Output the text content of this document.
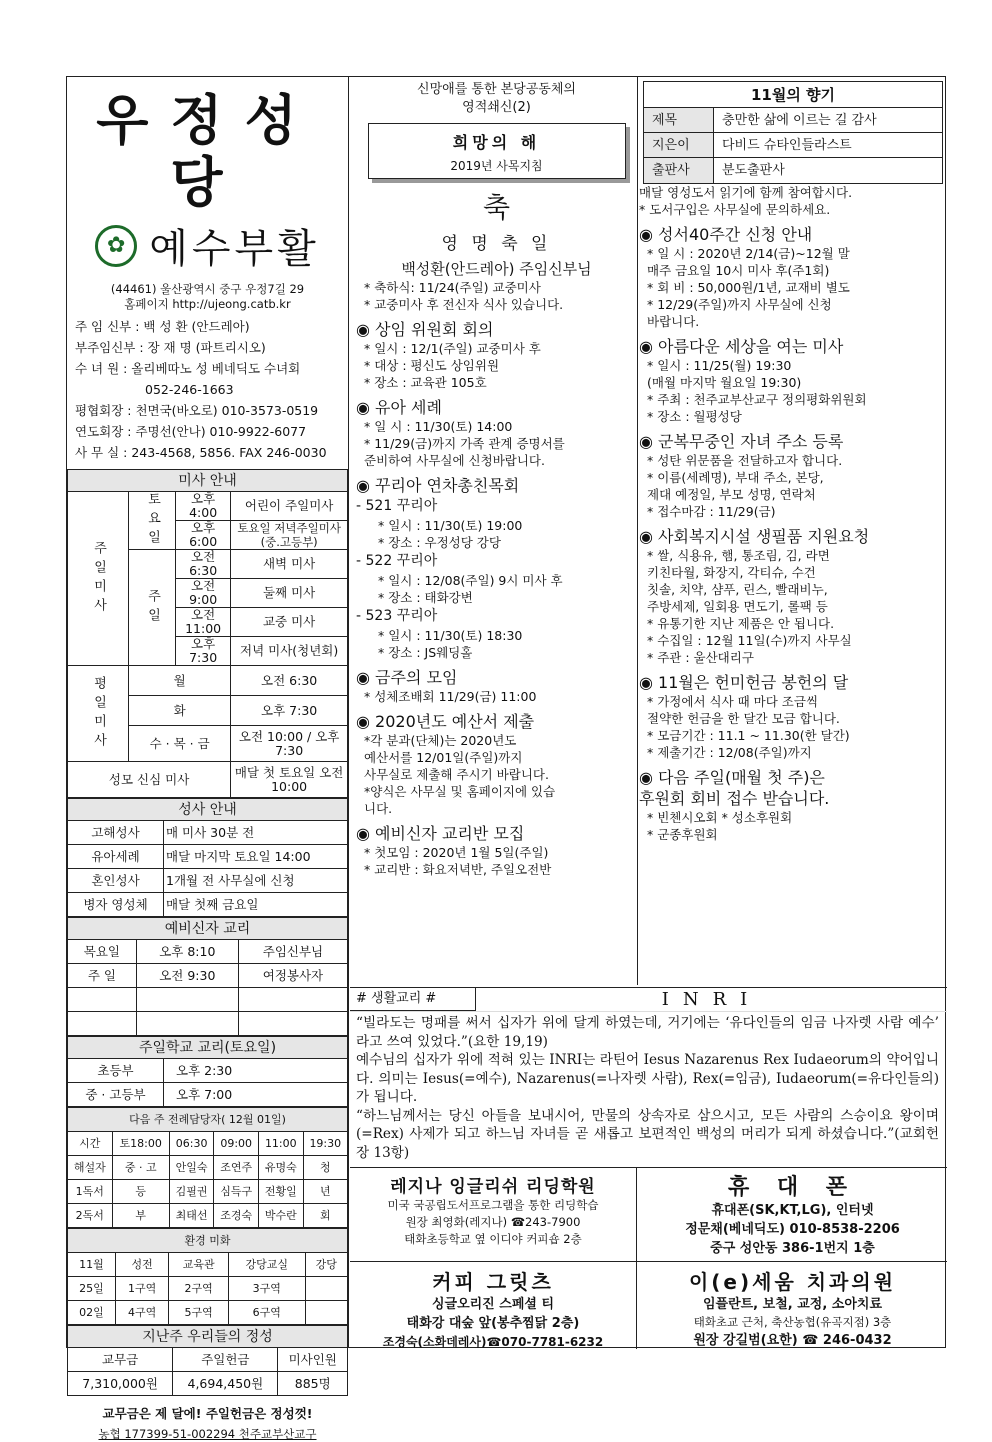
우정성당
✿ 예수부활
(44461) 울산광역시 중구 우정7길 29
홈페이지 http://ujeong.catb.kr
주 임 신부 : 백 성 환 (안드레아)
부주임신부 : 장 재 명 (파트리시오)
수 녀 원 : 올리베따노 성 베네딕도 수녀회
052-246-1663
평협회장 : 천면국(바오로) 010-3573-0519
연도회장 : 주명선(안나) 010-9922-6077
사 무 실 : 243-4568, 5856. FAX 246-0030
미사 안내			
주일미사	토요일	오후 4:00	어린이 주일미사
		오후 6:00	토요일 저녁주일미사 (중.고등부)
	주일	오전 6:30	새벽 미사
		오전 9:00	둘째 미사
		오전11:00	교중 미사
		오후 7:30	저녁 미사(청년회)
평일미사	월		오전 6:30
	화		오후 7:30
	수 · 목 · 금		오전 10:00 / 오후 7:30
성모 신심 미사			매달 첫 토요일 오전 10:00
성사 안내	
고해성사	매 미사 30분 전
유아세례	매달 마지막 토요일 14:00
혼인성사	1개월 전 사무실에 신청
병자 영성체	매달 첫째 금요일
예비신자 교리		
목요일	오후 8:10	주임신부님
주 일	오전 9:30	여정봉사자

주일학교 교리(토요일)	
초등부	오후 2:30
중 · 고등부	오후 7:00
다음 주 전례담당자( 12월 01일)					
시간	토18:00	06:30	09:00	11:00	19:30
해설자	중 · 고	안일숙	조연주	유명숙	청
1독서	등	김필권	심득구	전황일	년
2독서	부	최태선	조경숙	박수란	회
환경 미화				
11월	성전	교육관	강당교실	강당
25일	1구역	2구역	3구역	
02일	4구역	5구역	6구역	
지난주 우리들의 정성		
교무금	주일헌금	미사인원
7,310,000원	4,694,450원	885명
교무금은 제 달에! 주일헌금은 정성껏!
농협 177399-51-002294 천주교부산교구
신망애를 통한 본당공동체의
영적쇄신(2)
희망의 해
2019년 사목지침
축
영 명 축 일
백성환(안드레아) 주임신부님
* 축하식: 11/24(주일) 교중미사
* 교중미사 후 전신자 식사 있습니다.
◉ 상임 위원회 회의
* 일시 : 12/1(주일) 교중미사 후
* 대상 : 평신도 상임위원
* 장소 : 교육관 105호
◉ 유아 세례
* 일 시 : 11/30(토) 14:00
* 11/29(금)까지 가족 관계 증명서를
준비하여 사무실에 신청바랍니다.
◉ 꾸리아 연차총친목회
- 521 꾸리아
* 일시 : 11/30(토) 19:00
* 장소 : 우정성당 강당
- 522 꾸리아
* 일시 : 12/08(주일) 9시 미사 후
* 장소 : 태화강변
- 523 꾸리아
* 일시 : 11/30(토) 18:30
* 장소 : JS웨딩홀
◉ 금주의 모임
* 성체조배회 11/29(금) 11:00
◉ 2020년도 예산서 제출
*각 분과(단체)는 2020년도
예산서를 12/01일(주일)까지
사무실로 제출해 주시기 바랍니다.
*양식은 사무실 및 홈페이지에 있습
니다.
◉ 예비신자 교리반 모집
* 첫모임 : 2020년 1월 5일(주일)
* 교리반 : 화요저녁반, 주일오전반
11월의 향기
제목	충만한 삶에 이르는 길 감사
지은이	다비드 슈타인들라스트
출판사	분도출판사
매달 영성도서 읽기에 함께 참여합시다.
* 도서구입은 사무실에 문의하세요.
◉ 성서40주간 신청 안내
* 일 시 : 2020년 2/14(금)~12월 말
매주 금요일 10시 미사 후(주1회)
* 회 비 : 50,000원/1년, 교재비 별도
* 12/29(주일)까지 사무실에 신청
바랍니다.
◉ 아름다운 세상을 여는 미사
* 일시 : 11/25(월) 19:30
(매월 마지막 월요일 19:30)
* 주최 : 천주교부산교구 정의평화위원회
* 장소 : 월평성당
◉ 군복무중인 자녀 주소 등록
* 성탄 위문품을 전달하고자 합니다.
* 이름(세례명), 부대 주소, 본당,
제대 예정일, 부모 성명, 연락처
* 접수마감 : 11/29(금)
◉ 사회복지시설 생필품 지원요청
* 쌀, 식용유, 햄, 통조림, 김, 라면
키친타월, 화장지, 각티슈, 수건
칫솔, 치약, 샴푸, 린스, 빨래비누,
주방세제, 일회용 면도기, 롤팩 등
* 유통기한 지난 제품은 안 됩니다.
* 수집일 : 12월 11일(수)까지 사무실
* 주관 : 울산대리구
◉ 11월은 헌미헌금 봉헌의 달
* 가정에서 식사 때 마다 조금씩
절약한 헌금을 한 달간 모금 합니다.
* 모금기간 : 11.1 ~ 11.30(한 달간)
* 제출기간 : 12/08(주일)까지
◉ 다음 주일(매월 첫 주)은
후원회 회비 접수 받습니다.
* 빈첸시오회 * 성소후원회
* 군종후원회
# 생활교리 #	INRI
“빌라도는 명패를 써서 십자가 위에 달게 하였는데, 거기에는 ‘유다인들의 임금 나자렛 사람 예수’ 라고 쓰여 있었다.”(요한 19,19)
예수님의 십자가 위에 적혀 있는 INRI는 라틴어 Iesus Nazarenus Rex Iudaeorum의 약어입니다. 의미는 Iesus(=예수), Nazarenus(=나자렛 사람), Rex(=임금), Iudaeorum(=유다인들의) 가 됩니다.
“하느님께서는 당신 아들을 보내시어, 만물의 상속자로 삼으시고, 모든 사람의 스승이요 왕이며(=Rex) 사제가 되고 하느님 자녀들 곧 새롭고 보편적인 백성의 머리가 되게 하셨습니다.”(교회헌장 13항)
레지나 잉글리쉬 리딩학원
미국 국공립도서프로그램을 통한 리딩학습
원장 최영화(레지나) ☎243-7900
태화초등학교 옆 이디야 커피숍 2층
휴 대 폰
휴대폰(SK,KT,LG), 인터넷
정문채(베네딕도) 010-8538-2206
중구 성안동 386-1번지 1층
커피 그릿츠
싱글오리진 스페셜 티
태화강 대숲 앞(봉추찜닭 2층)
조경숙(소화데레사)☎070-7781-6232
이(e)세움 치과의원
임플란트, 보철, 교정, 소아치료
태화초교 근처, 축산농협(유곡지점) 3층
원장 강길범(요한) ☎ 246-0432
